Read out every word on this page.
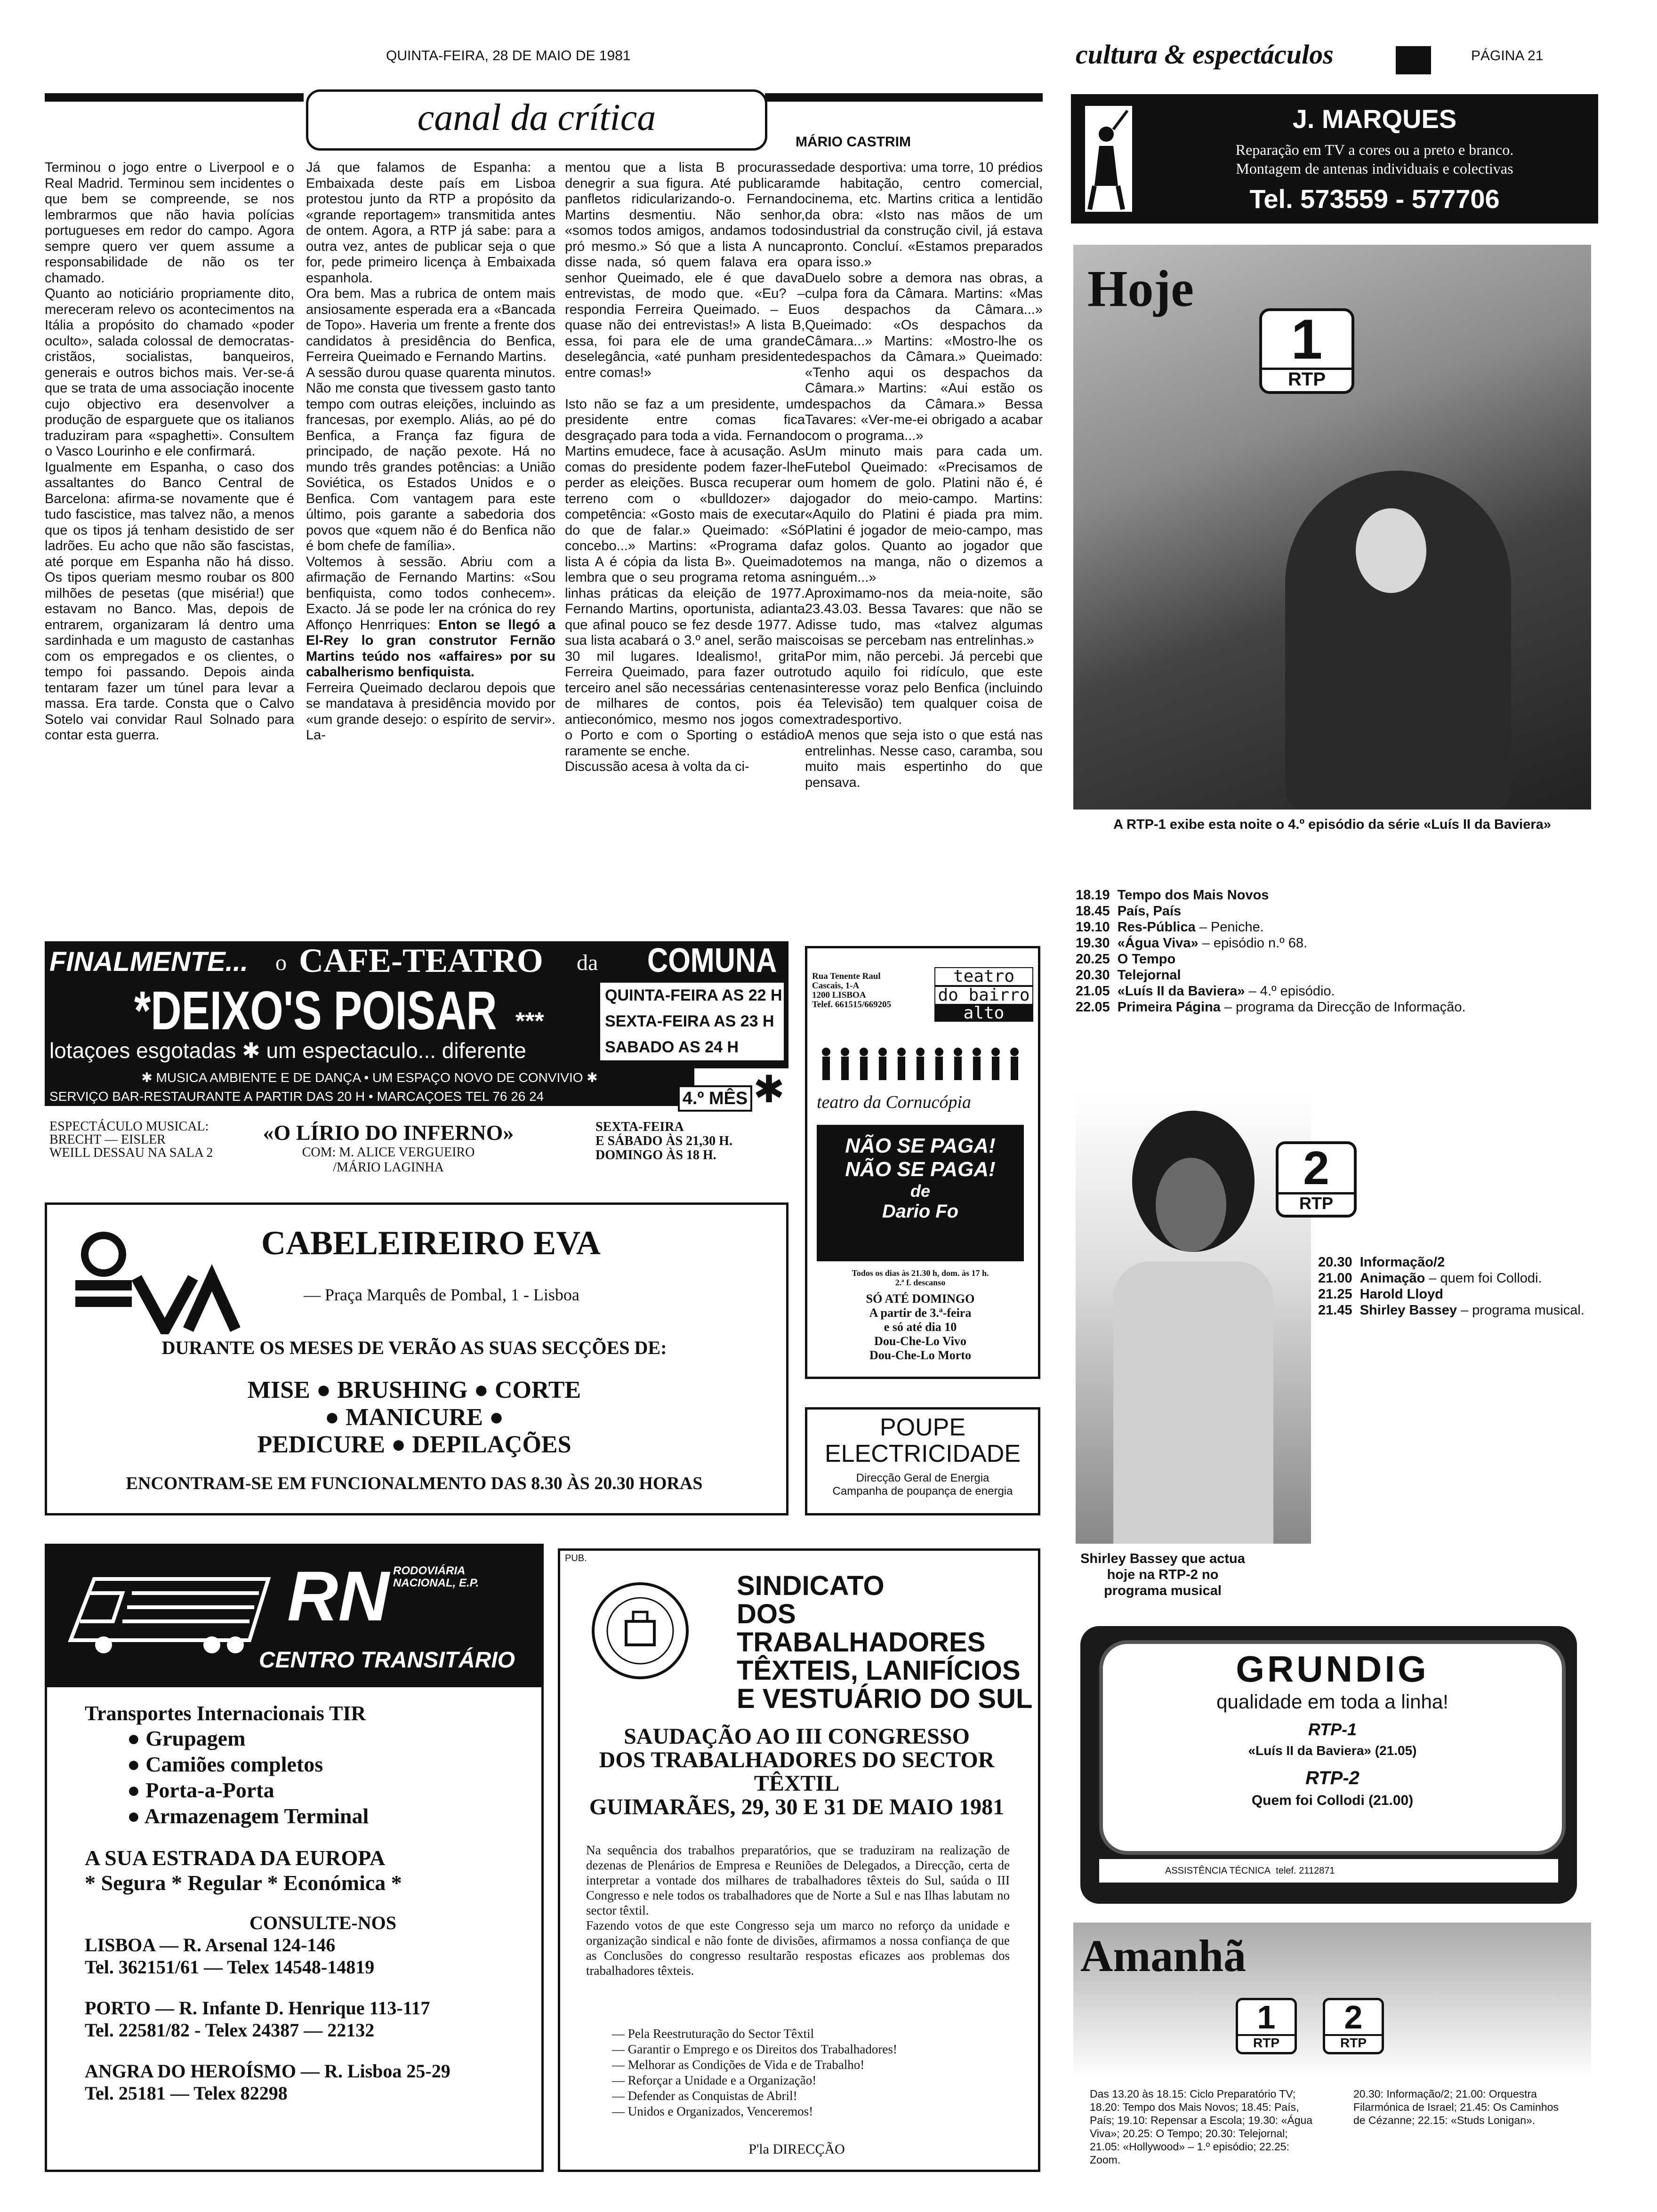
QUINTA-FEIRA, 28 DE MAIO DE 1981	cultura & espectáculos	PÁGINA 21
canal da crítica
MÁRIO CASTRIM

Terminou o jogo entre o Liverpool e o Real Madrid. Terminou sem incidentes o que bem se compreende, se nos lembrarmos que não havia polícias portugueses em redor do campo. Agora sempre quero ver quem assume a responsabilidade de não os ter chamado.
Quanto ao noticiário propriamente dito, mereceram relevo os acontecimentos na Itália a propósito do chamado «poder oculto», salada colossal de democratas-cristãos, socialistas, banqueiros, generais e outros bichos mais. Ver-se-á que se trata de uma associação inocente cujo objectivo era desenvolver a produção de esparguete que os italianos traduziram para «spaghetti». Consultem o Vasco Lourinho e ele confirmará.
Igualmente em Espanha, o caso dos assaltantes do Banco Central de Barcelona: afirma-se novamente que é tudo fascistice, mas talvez não, a menos que os tipos já tenham desistido de ser ladrões. Eu acho que não são fascistas, até porque em Espanha não há disso. Os tipos queriam mesmo roubar os 800 milhões de pesetas (que miséria!) que estavam no Banco. Mas, depois de entrarem, organizaram lá dentro uma sardinhada e um magusto de castanhas com os empregados e os clientes, o tempo foi passando. Depois ainda tentaram fazer um túnel para levar a massa. Era tarde. Consta que o Calvo Sotelo vai convidar Raul Solnado para contar esta guerra.

Já que falamos de Espanha: a Embaixada deste país em Lisboa protestou junto da RTP a propósito da «grande reportagem» transmitida antes de ontem. Agora, a RTP já sabe: para a outra vez, antes de publicar seja o que for, pede primeiro licença à Embaixada espanhola.
Ora bem. Mas a rubrica de ontem mais ansiosamente esperada era a «Bancada de Topo». Haveria um frente a frente dos candidatos à presidência do Benfica, Ferreira Queimado e Fernando Martins.
A sessão durou quase quarenta minutos. Não me consta que tivessem gasto tanto tempo com outras eleições, incluindo as francesas, por exemplo. Aliás, ao pé do Benfica, a França faz figura de principado, de nação pexote. Há no mundo três grandes potências: a União Soviética, os Estados Unidos e o Benfica. Com vantagem para este último, pois garante a sabedoria dos povos que «quem não é do Benfica não é bom chefe de família».
Voltemos à sessão. Abriu com a afirmação de Fernando Martins: «Sou benfiquista, como todos conhecem». Exacto. Já se pode ler na crónica do rey Affonço Henrriques: Enton se llegó a El-Rey lo gran construtor Fernão Martins teúdo nos «affaires» por su cabalherismo benfiquista.
Ferreira Queimado declarou depois que se mandatava à presidência movido por «um grande desejo: o espírito de servir». La-

mentou que a lista B procurasse denegrir a sua figura. Até publicaram panfletos ridicularizando-o. Fernando Martins desmentiu. Não senhor, «somos todos amigos, andamos todos pró mesmo.» Só que a lista A nunca disse nada, só quem falava era o senhor Queimado, ele é que dava entrevistas, de modo que. «Eu? – respondia Ferreira Queimado. – Eu quase não dei entrevistas!» A lista B, essa, foi para ele de uma grande deselegância, «até punham presidente entre comas!»

Isto não se faz a um presidente, um presidente entre comas fica desgraçado para toda a vida. Fernando Martins emudece, face à acusação. As comas do presidente podem fazer-lhe perder as eleições. Busca recuperar o terreno com o «bulldozer» da competência: «Gosto mais de executar do que de falar.» Queimado: «Só concebo...» Martins: «Programa da lista A é cópia da lista B». Queimado lembra que o seu programa retoma as linhas práticas da eleição de 1977. Fernando Martins, oportunista, adianta que afinal pouco se fez desde 1977. A sua lista acabará o 3.º anel, serão mais 30 mil lugares. Idealismo!, grita Ferreira Queimado, para fazer outro terceiro anel são necessárias centenas de milhares de contos, pois é antieconómico, mesmo nos jogos com o Porto e com o Sporting o estádio raramente se enche.
Discussão acesa à volta da ci-

dade desportiva: uma torre, 10 prédios de habitação, centro comercial, cinema, etc. Martins critica a lentidão da obra: «Isto nas mãos de um industrial da construção civil, já estava pronto. Concluí. «Estamos preparados para isso.»
Duelo sobre a demora nas obras, a culpa fora da Câmara. Martins: «Mas os despachos da Câmara...» Queimado: «Os despachos da Câmara...» Martins: «Mostro-lhe os despachos da Câmara.» Queimado: «Tenho aqui os despachos da Câmara.» Martins: «Aui estão os despachos da Câmara.» Bessa Tavares: «Ver-me-ei obrigado a acabar com o programa...»
Um minuto mais para cada um. Futebol Queimado: «Precisamos de um homem de golo. Platini não é, é jogador do meio-campo. Martins: «Aquilo do Platini é piada pra mim. Platini é jogador de meio-campo, mas faz golos. Quanto ao jogador que temos na manga, não o dizemos a ninguém...»
Aproximamo-nos da meia-noite, são 23.43.03. Bessa Tavares: que não se disse tudo, mas «talvez algumas coisas se percebam nas entrelinhas.»
Por mim, não percebi. Já percebi que tudo aquilo foi ridículo, que este interesse voraz pelo Benfica (incluindo a Televisão) tem qualquer coisa de extradesportivo.
A menos que seja isto o que está nas entrelinhas. Nesse caso, caramba, sou muito mais espertinho do que pensava.

J. MARQUES
Reparação em TV a cores ou a preto e branco.
Montagem de antenas individuais e colectivas
Tel. 573559 - 577706
Hoje
1
RTP
A RTP-1 exibe esta noite o 4.º episódio da série «Luís II da Baviera»
18.19 Tempo dos Mais Novos
18.45 País, País
19.10 Res-Pública – Peniche.
19.30 «Água Viva» – episódio n.º 68.
20.25 O Tempo
20.30 Telejornal
21.05 «Luís II da Baviera» – 4.º episódio.
22.05 Primeira Página – programa da Direcção de Informação.
2
RTP
20.30 Informação/2
21.00 Animação – quem foi Collodi.
21.25 Harold Lloyd
21.45 Shirley Bassey – programa musical.
Shirley Bassey que actua hoje na RTP-2 no programa musical
GRUNDIG
qualidade em toda a linha!
RTP-1
«Luís II da Baviera» (21.05)
RTP-2
Quem foi Collodi (21.00)
ASSISTÊNCIA TÉCNICA telef. 2112871
Amanhã
1
RTP
2
RTP
Das 13.20 às 18.15: Ciclo Preparatório TV; 18.20: Tempo dos Mais Novos; 18.45: País, País; 19.10: Repensar a Escola; 19.30: «Água Viva»; 20.25: O Tempo; 20.30: Telejornal; 21.05: «Hollywood» – 1.º episódio; 22.25: Zoom.
20.30: Informação/2; 21.00: Orquestra Filarmónica de Israel; 21.45: Os Caminhos de Cézanne; 22.15: «Studs Lonigan».
FINALMENTE... o CAFE-TEATRO da COMUNA
*DEIXO'S POISAR ***
QUINTA-FEIRA AS 22 H
SEXTA-FEIRA AS 23 H
SABADO AS 24 H
lotaçoes esgotadas ✱ um espectaculo... diferente
✱ MUSICA AMBIENTE E DE DANÇA • UM ESPAÇO NOVO DE CONVIVIO ✱
SERVIÇO BAR-RESTAURANTE A PARTIR DAS 20 H • MARCAÇOES TEL 76 26 24	4.º MÊS ✱
ESPECTÁCULO MUSICAL:
BRECHT — EISLER
WEILL DESSAU NA SALA 2
«O LÍRIO DO INFERNO»
COM: M. ALICE VERGUEIRO
/MÁRIO LAGINHA
SEXTA-FEIRA
E SÁBADO ÀS 21,30 H.
DOMINGO ÀS 18 H.
Rua Tenente Raul
Cascais, 1-A
1200 LISBOA
Telef. 661515/669205
teatro
do bairro
alto
teatro da Cornucópia
NÃO SE PAGA!
NÃO SE PAGA!
de
Dario Fo
Todos os dias às 21.30 h, dom. às 17 h.
2.ª f. descanso
SÓ ATÉ DOMINGO
A partir de 3.ª-feira
e só até dia 10
Dou-Che-Lo Vivo
Dou-Che-Lo Morto
CABELEIREIRO EVA
— Praça Marquês de Pombal, 1 - Lisboa
DURANTE OS MESES DE VERÃO AS SUAS SECÇÕES DE:
MISE ● BRUSHING ● CORTE
● MANICURE ●
PEDICURE ● DEPILAÇÕES
ENCONTRAM-SE EM FUNCIONALMENTO DAS 8.30 ÀS 20.30 HORAS
POUPE
ELECTRICIDADE
Direcção Geral de Energia
Campanha de poupança de energia
RN RODOVIÁRIA
NACIONAL, E.P.
CENTRO TRANSITÁRIO
Transportes Internacionais TIR
● Grupagem
● Camiões completos
● Porta-a-Porta
● Armazenagem Terminal
A SUA ESTRADA DA EUROPA
* Segura * Regular * Económica *
CONSULTE-NOS
LISBOA — R. Arsenal 124-146
Tel. 362151/61 — Telex 14548-14819
PORTO — R. Infante D. Henrique 113-117
Tel. 22581/82 - Telex 24387 — 22132
ANGRA DO HEROÍSMO — R. Lisboa 25-29
Tel. 25181 — Telex 82298
PUB.
SINDICATO
DOS
TRABALHADORES
TÊXTEIS, LANIFÍCIOS
E VESTUÁRIO DO SUL
SAUDAÇÃO AO III CONGRESSO
DOS TRABALHADORES DO SECTOR
TÊXTIL
GUIMARÃES, 29, 30 E 31 DE MAIO 1981
Na sequência dos trabalhos preparatórios, que se traduziram na realização de dezenas de Plenários de Empresa e Reuniões de Delegados, a Direcção, certa de interpretar a vontade dos milhares de trabalhadores têxteis do Sul, saúda o III Congresso e nele todos os trabalhadores que de Norte a Sul e nas Ilhas labutam no sector têxtil.
Fazendo votos de que este Congresso seja um marco no reforço da unidade e organização sindical e não fonte de divisões, afirmamos a nossa confiança de que as Conclusões do congresso resultarão respostas eficazes aos problemas dos trabalhadores têxteis.
— Pela Reestruturação do Sector Têxtil
— Garantir o Emprego e os Direitos dos Trabalhadores!
— Melhorar as Condições de Vida e de Trabalho!
— Reforçar a Unidade e a Organização!
— Defender as Conquistas de Abril!
— Unidos e Organizados, Venceremos!
P'la DIRECÇÃO
